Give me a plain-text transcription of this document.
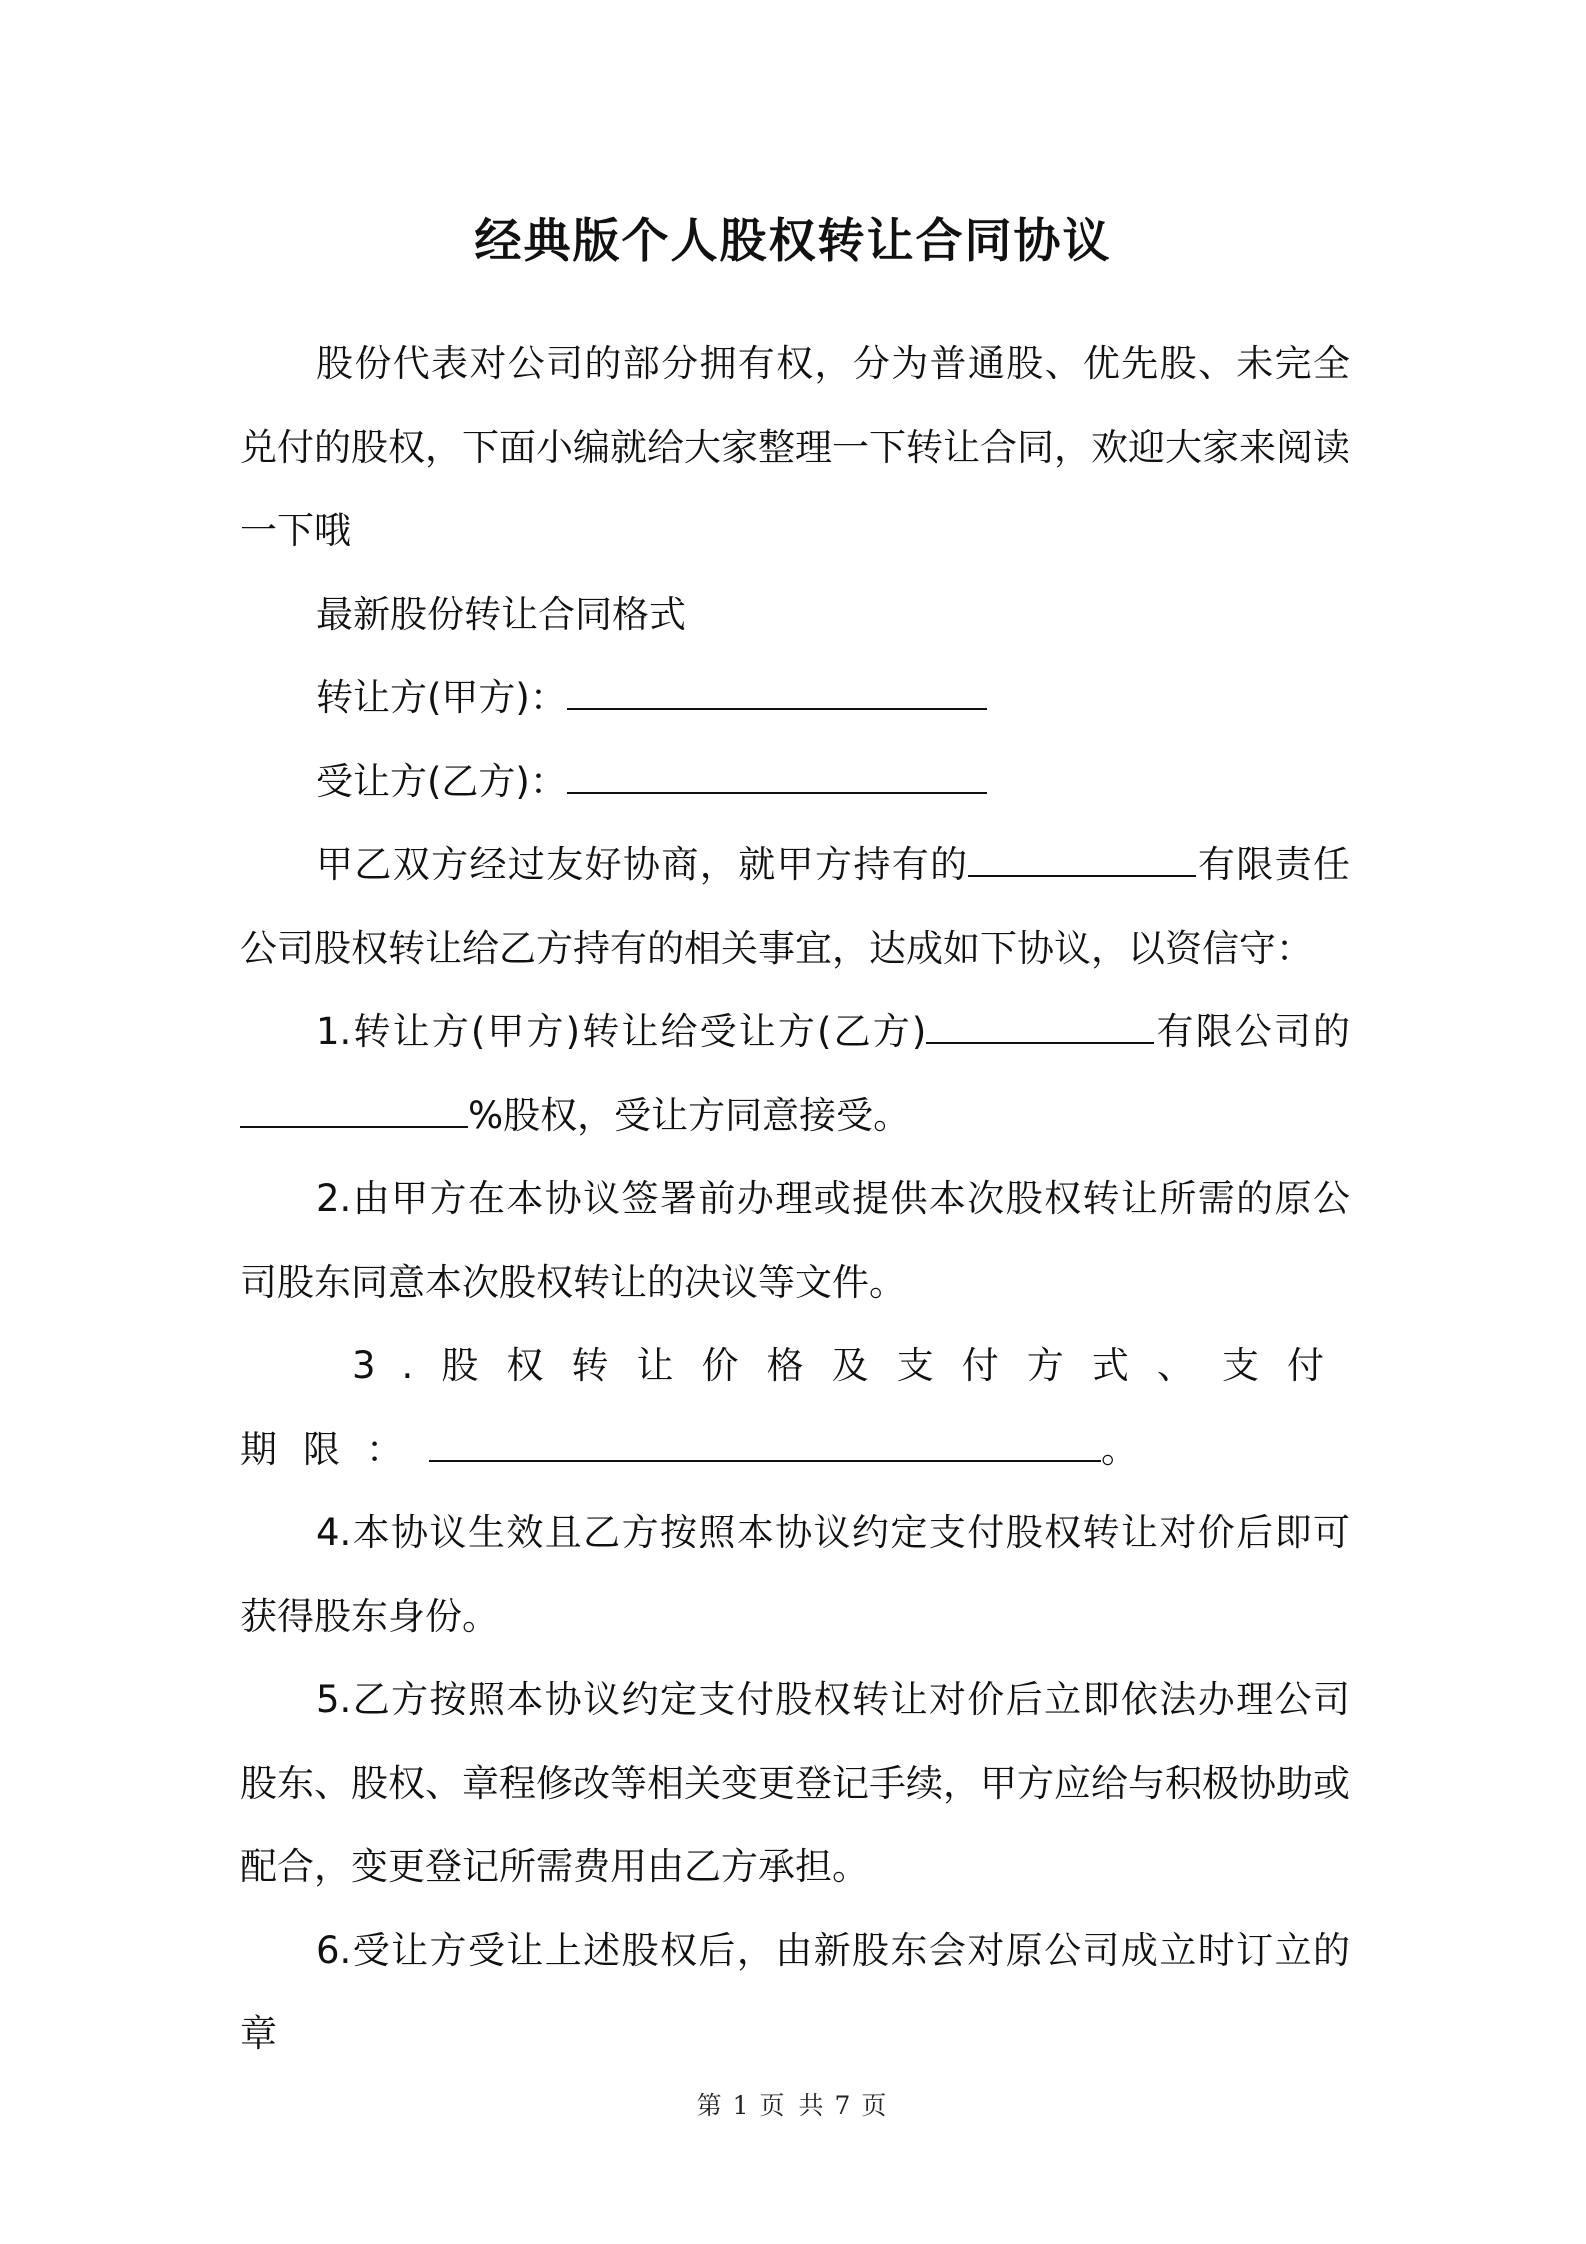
经典版个人股权转让合同协议

股份代表对公司的部分拥有权，分为普通股、优先股、未完全兑付的股权，下面小编就给大家整理一下转让合同，欢迎大家来阅读一下哦

最新股份转让合同格式

转让方(甲方)：

受让方(乙方)：

甲乙双方经过友好协商，就甲方持有的	有限责任公司股权转让给乙方持有的相关事宜，达成如下协议，以资信守：

1.转让方(甲方)转让给受让方(乙方)	有限公司的%股权，受让方同意接受。

2.由甲方在本协议签署前办理或提供本次股权转让所需的原公司股东同意本次股权转让的决议等文件。

3.股权转让价格及支付方式、支付期限：	。

4.本协议生效且乙方按照本协议约定支付股权转让对价后即可获得股东身份。

5.乙方按照本协议约定支付股权转让对价后立即依法办理公司股东、股权、章程修改等相关变更登记手续，甲方应给与积极协助或配合，变更登记所需费用由乙方承担。

6.受让方受让上述股权后，由新股东会对原公司成立时订立的章

第 1 页 共 7 页
